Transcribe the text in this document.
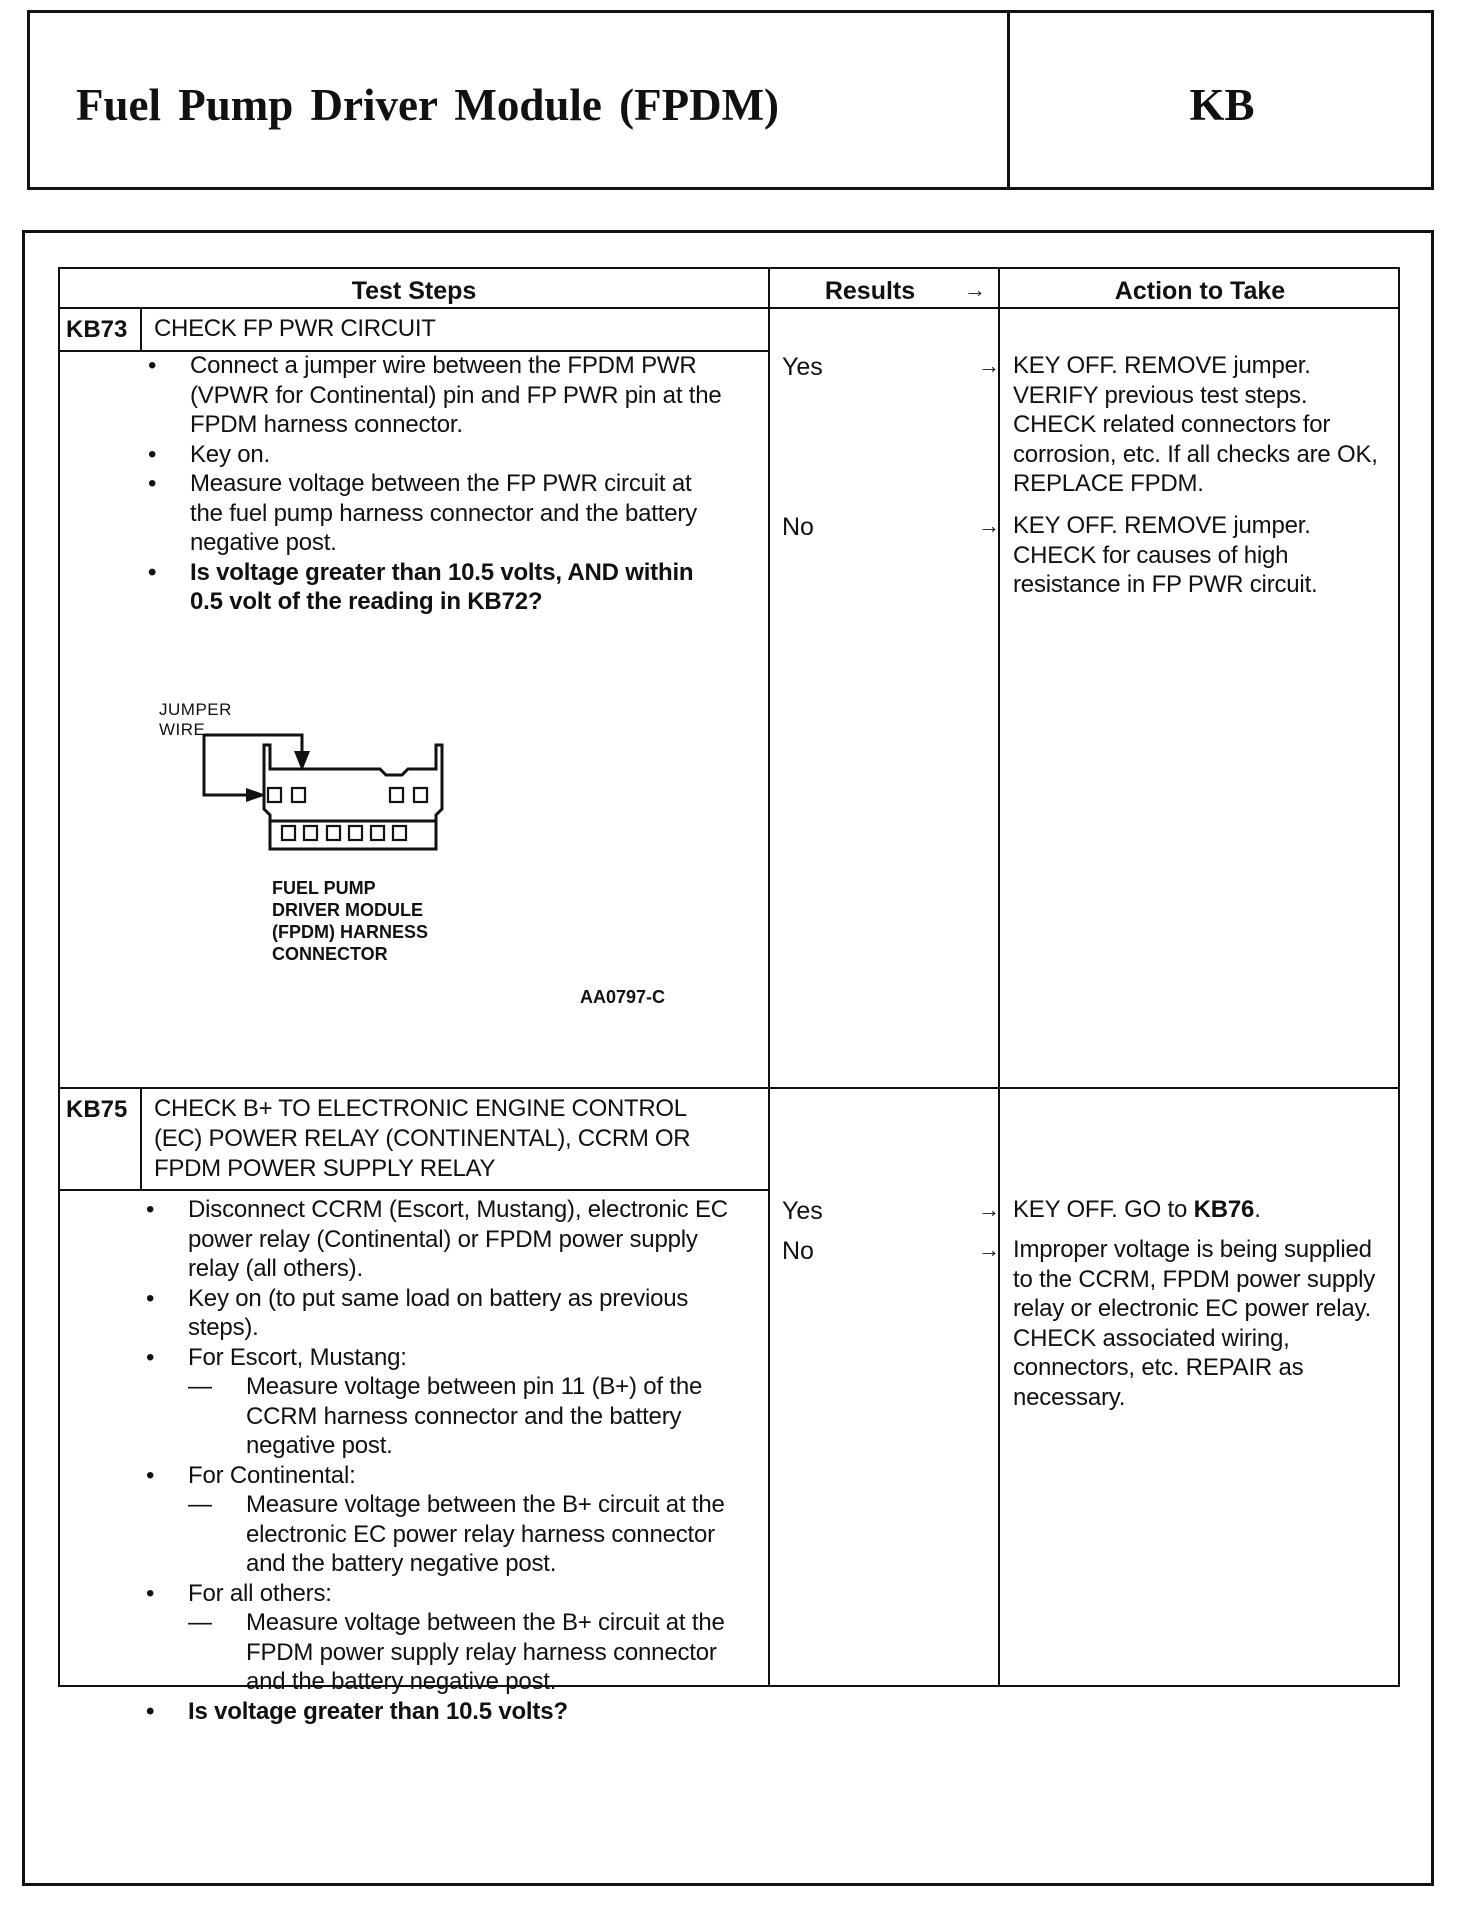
Fuel Pump Driver Module (FPDM)	KB
Test Steps	Results	→	Action to Take
KB73 CHECK FP PWR CIRCUIT
•	Connect a jumper wire between the FPDM PWR (VPWR for Continental) pin and FP PWR pin at the FPDM harness connector.
•	Key on.
•	Measure voltage between the FP PWR circuit at the fuel pump harness connector and the battery negative post.
•	Is voltage greater than 10.5 volts, AND within 0.5 volt of the reading in KB72?
Yes	→ KEY OFF. REMOVE jumper. VERIFY previous test steps. CHECK related connectors for corrosion, etc. If all checks are OK, REPLACE FPDM.
No	→ KEY OFF. REMOVE jumper. CHECK for causes of high resistance in FP PWR circuit.
JUMPER
WIRE
FUEL PUMP
DRIVER MODULE
(FPDM) HARNESS
CONNECTOR
AA0797-C
KB75 CHECK B+ TO ELECTRONIC ENGINE CONTROL
(EC) POWER RELAY (CONTINENTAL), CCRM OR
FPDM POWER SUPPLY RELAY
•	Disconnect CCRM (Escort, Mustang), electronic EC power relay (Continental) or FPDM power supply relay (all others).
•	Key on (to put same load on battery as previous steps).
•	For Escort, Mustang:
— Measure voltage between pin 11 (B+) of the CCRM harness connector and the battery negative post.
•	For Continental:
— Measure voltage between the B+ circuit at the electronic EC power relay harness connector and the battery negative post.
•	For all others:
— Measure voltage between the B+ circuit at the FPDM power supply relay harness connector and the battery negative post.
•	Is voltage greater than 10.5 volts?
Yes	→ KEY OFF. GO to KB76.
No	→ Improper voltage is being supplied to the CCRM, FPDM power supply relay or electronic EC power relay. CHECK associated wiring, connectors, etc. REPAIR as necessary.
